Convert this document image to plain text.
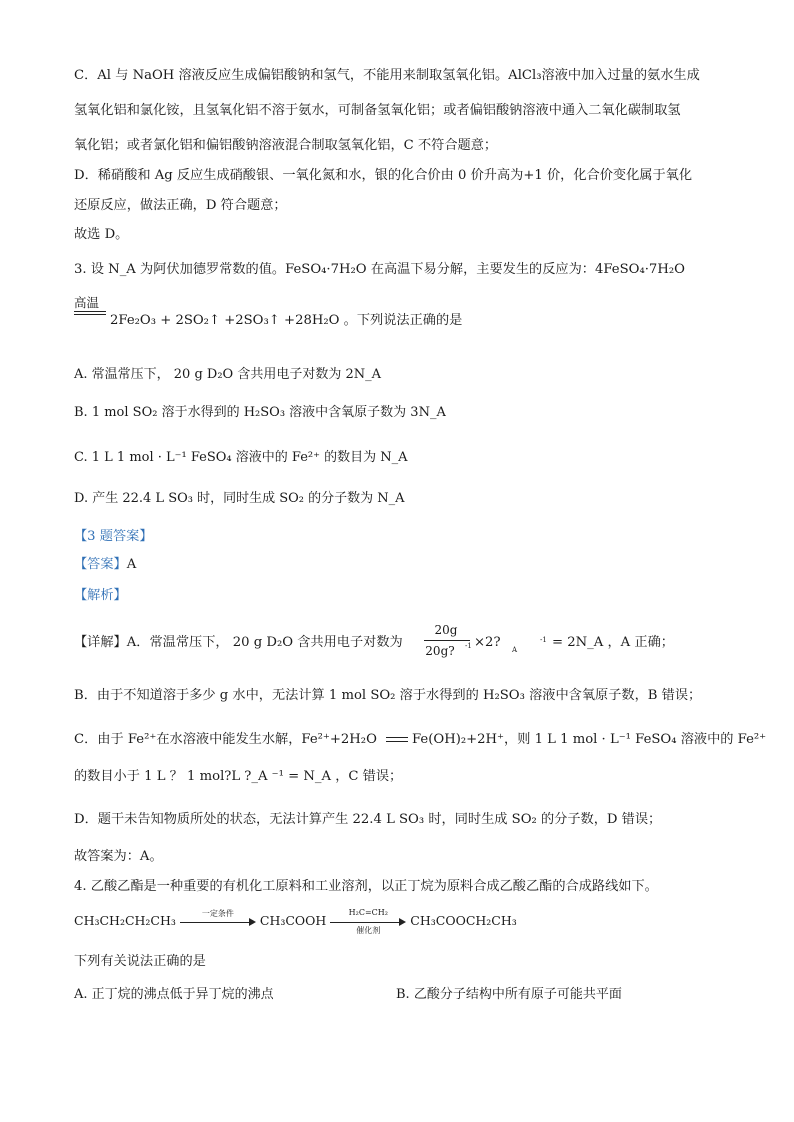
C．Al 与 NaOH 溶液反应生成偏铝酸钠和氢气，不能用来制取氢氧化铝。AlCl₃溶液中加入过量的氨水生成
氢氧化铝和氯化铵，且氢氧化铝不溶于氨水，可制备氢氧化铝；或者偏铝酸钠溶液中通入二氧化碳制取氢
氧化铝；或者氯化铝和偏铝酸钠溶液混合制取氢氧化铝，C 不符合题意；
D．稀硝酸和 Ag 反应生成硝酸银、一氧化氮和水，银的化合价由 0 价升高为+1 价，化合价变化属于氧化
还原反应，做法正确，D 符合题意；
故选 D。
3. 设 N_A 为阿伏加德罗常数的值。FeSO₄·7H₂O 在高温下易分解，主要发生的反应为：4FeSO₄·7H₂O
高温
2Fe₂O₃ + 2SO₂↑ +2SO₃↑ +28H₂O 。下列说法正确的是
A. 常温常压下， 20 g D₂O 含共用电子对数为 2N_A
B. 1 mol SO₂ 溶于水得到的 H₂SO₃ 溶液中含氧原子数为 3N_A
C. 1 L 1 mol · L⁻¹ FeSO₄ 溶液中的 Fe²⁺ 的数目为 N_A
D. 产生 22.4 L SO₃ 时，同时生成 SO₂ 的分子数为 N_A
【3 题答案】
【答案】A
【解析】
【详解】A．常温常压下， 20 g D₂O 含共用电子对数为
20g
20g?	-1 ×2? A
-1 = 2N_A ，A 正确；
B．由于不知道溶于多少 g 水中，无法计算 1 mol SO₂ 溶于水得到的 H₂SO₃ 溶液中含氧原子数，B 错误；
C．由于 Fe²⁺在水溶液中能发生水解，Fe²⁺+2H₂O	Fe(OH)₂+2H⁺，则 1 L 1 mol · L⁻¹ FeSO₄ 溶液中的 Fe²⁺
的数目小于 1 L ？ 1 mol?L ?_A ⁻¹ = N_A ，C 错误；
D．题干未告知物质所处的状态，无法计算产生 22.4 L SO₃ 时，同时生成 SO₂ 的分子数，D 错误；
故答案为：A。
4. 乙酸乙酯是一种重要的有机化工原料和工业溶剂，以正丁烷为原料合成乙酸乙酯的合成路线如下。
CH₃CH₂CH₂CH₃	一定条件	CH₃COOH
H₂C=CH₂
催化剂
CH₃COOCH₂CH₃
下列有关说法正确的是
A. 正丁烷的沸点低于异丁烷的沸点	B. 乙酸分子结构中所有原子可能共平面
